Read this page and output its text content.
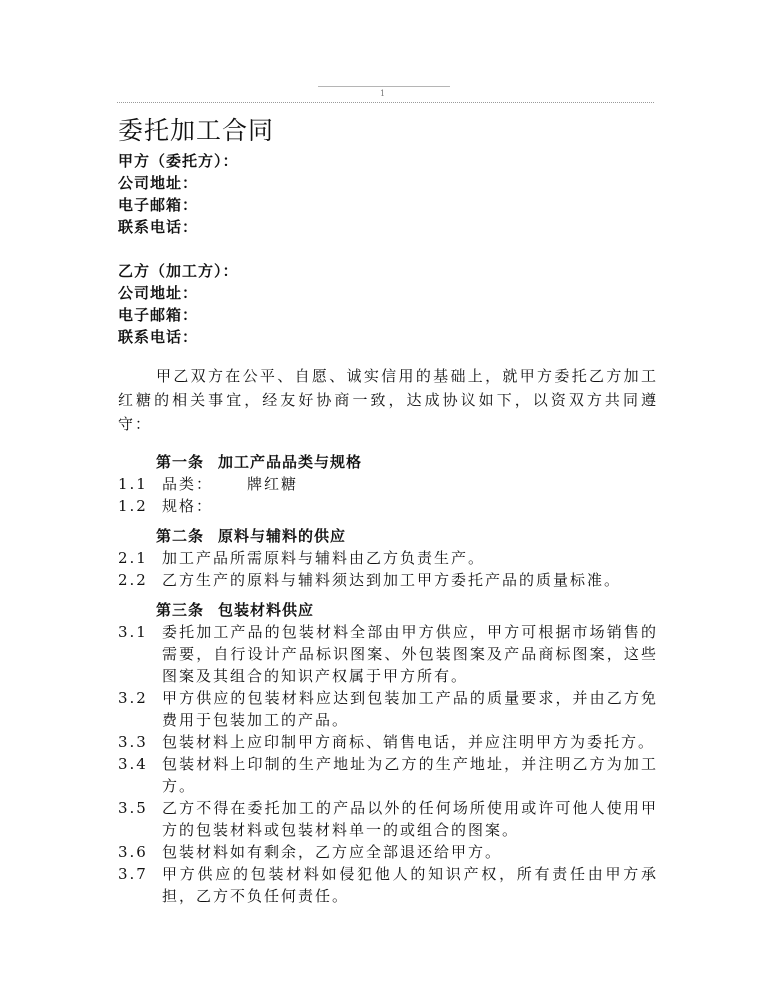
1
委托加工合同
甲方（委托方）：
公司地址：
电子邮箱：
联系电话：
乙方（加工方）：
公司地址：
电子邮箱：
联系电话：

甲乙双方在公平、自愿、诚实信用的基础上，就甲方委托乙方加工红糖的相关事宜，经友好协商一致，达成协议如下，以资双方共同遵守：

第一条 加工产品品类与规格
1.1 品类： 牌红糖
1.2 规格：
第二条 原料与辅料的供应
2.1 加工产品所需原料与辅料由乙方负责生产。
2.2 乙方生产的原料与辅料须达到加工甲方委托产品的质量标准。
第三条 包装材料供应
3.1 委托加工产品的包装材料全部由甲方供应，甲方可根据市场销售的需要，自行设计产品标识图案、外包装图案及产品商标图案，这些图案及其组合的知识产权属于甲方所有。
3.2 甲方供应的包装材料应达到包装加工产品的质量要求，并由乙方免费用于包装加工的产品。
3.3 包装材料上应印制甲方商标、销售电话，并应注明甲方为委托方。
3.4 包装材料上印制的生产地址为乙方的生产地址，并注明乙方为加工方。
3.5 乙方不得在委托加工的产品以外的任何场所使用或许可他人使用甲方的包装材料或包装材料单一的或组合的图案。
3.6 包装材料如有剩余，乙方应全部退还给甲方。
3.7 甲方供应的包装材料如侵犯他人的知识产权，所有责任由甲方承担，乙方不负任何责任。
